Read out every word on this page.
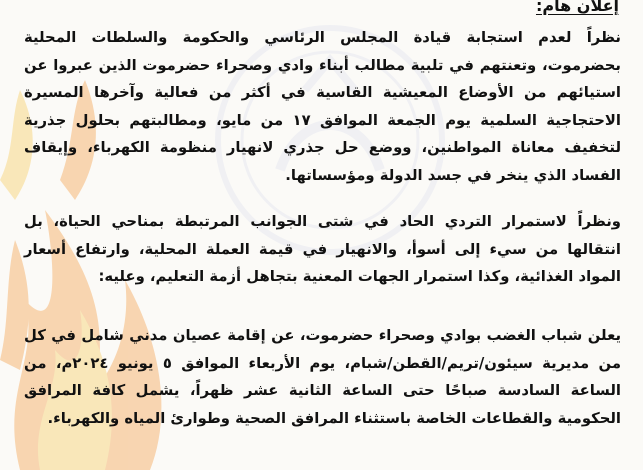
إعلان هام:

نظراً لعدم استجابة قيادة المجلس الرئاسي والحكومة والسلطات المحلية بحضرموت، وتعنتهم في تلبية مطالب أبناء وادي وصحراء حضرموت الذين عبروا عن استيائهم من الأوضاع المعيشية القاسية في أكثر من فعالية وآخرها المسيرة الاحتجاجية السلمية يوم الجمعة الموافق ١٧ من مايو، ومطالبتهم بحلول جذرية لتخفيف معاناة المواطنين، ووضع حل جذري لانهيار منظومة الكهرباء، وإيقاف الفساد الذي ينخر في جسد الدولة ومؤسساتها.

ونظراً لاستمرار التردي الحاد في شتى الجوانب المرتبطة بمناحي الحياة، بل انتقالها من سيء إلى أسوأ، والانهيار في قيمة العملة المحلية، وارتفاع أسعار المواد الغذائية، وكذا استمرار الجهات المعنية بتجاهل أزمة التعليم، وعليه:

يعلن شباب الغضب بوادي وصحراء حضرموت، عن إقامة عصيان مدني شامل في كل من مديرية سيئون/تريم/القطن/شبام، يوم الأربعاء الموافق ٥ يونيو ٢٠٢٤م، من الساعة السادسة صباحًا حتى الساعة الثانية عشر ظهراً، يشمل كافة المرافق الحكومية والقطاعات الخاصة باستثناء المرافق الصحية وطوارئ المياه والكهرباء.
